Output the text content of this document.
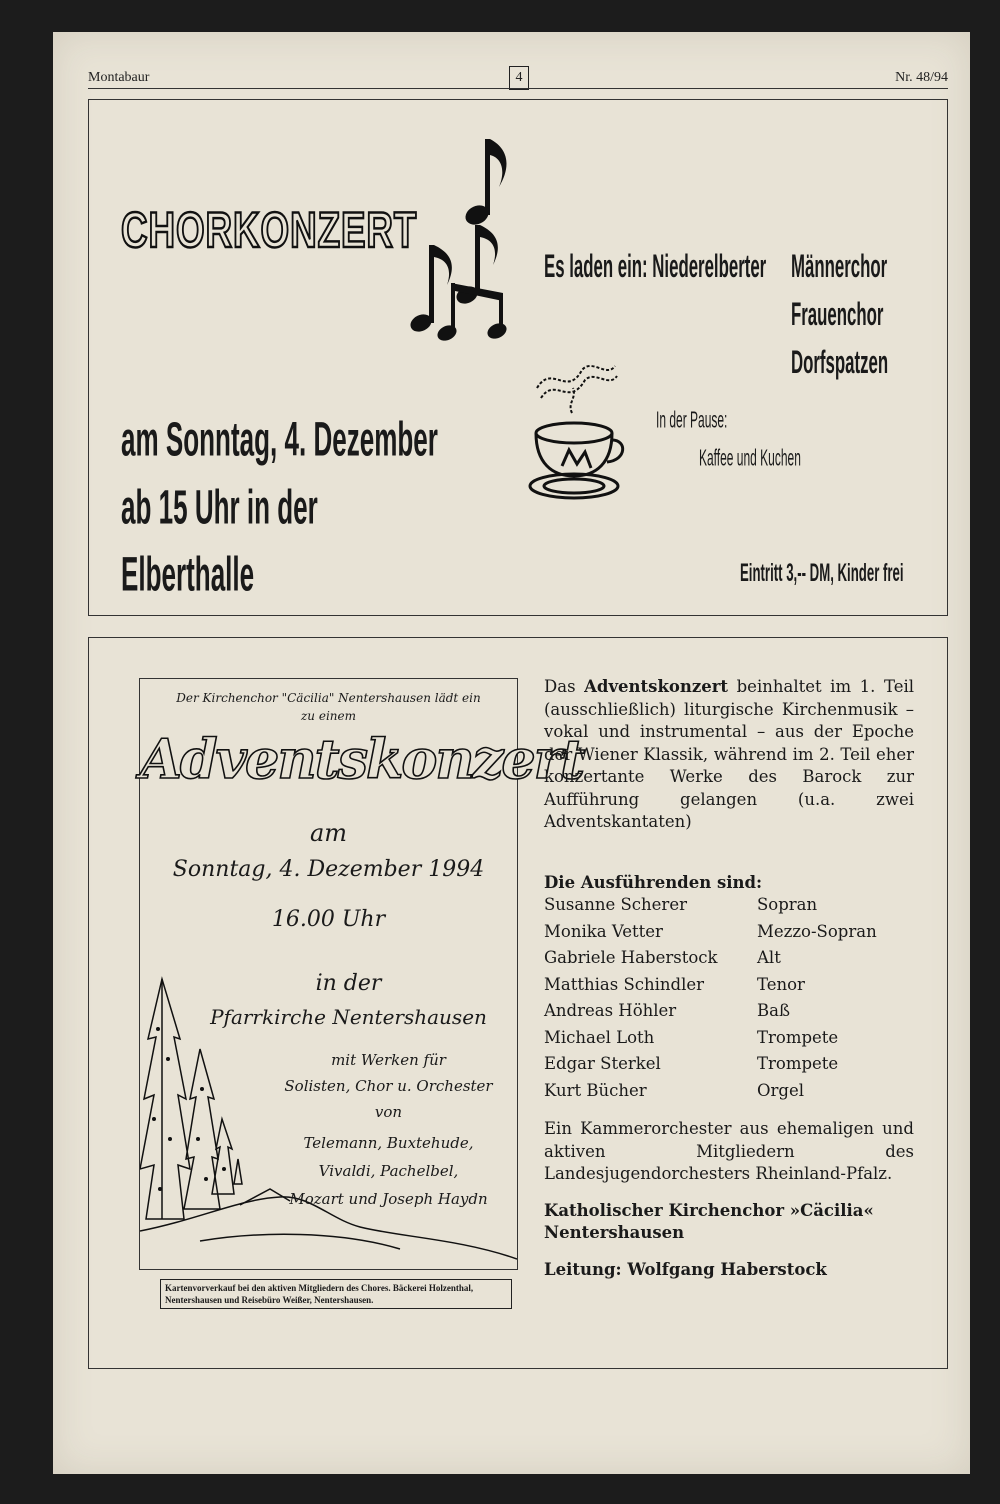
Montabaur	4	Nr. 48/94
CHORKONZERT
Es laden ein: Niederelberter Männerchor
Frauenchor
Dorfspatzen
In der Pause:
Kaffee und Kuchen
am Sonntag, 4. Dezember
ab 15 Uhr in der
Elberthalle	Eintritt 3,-- DM, Kinder frei
Der Kirchenchor "Cäcilia" Nentershausen lädt ein
zu einem
Adventskonzert
am
Sonntag, 4. Dezember 1994
16.00 Uhr
in der
Pfarrkirche Nentershausen
mit Werken für
Solisten, Chor u. Orchester
von
Telemann, Buxtehude,
Vivaldi, Pachelbel,
Mozart und Joseph Haydn
Kartenvorverkauf bei den aktiven Mitgliedern des Chores. Bäckerei Holzenthal, Nentershausen und Reisebüro Weißer, Nentershausen.
Das Adventskonzert beinhaltet im 1. Teil (ausschließlich) liturgische Kirchenmusik – vokal und instrumental – aus der Epoche der Wiener Klassik, während im 2. Teil eher konzertante Werke des Barock zur Aufführung gelangen (u.a. zwei Adventskantaten)
Die Ausführenden sind:
Susanne Scherer	Sopran
Monika Vetter	Mezzo-Sopran
Gabriele Haberstock	Alt
Matthias Schindler	Tenor
Andreas Höhler	Baß
Michael Loth	Trompete
Edgar Sterkel	Trompete
Kurt Bücher	Orgel
Ein Kammerorchester aus ehemaligen und aktiven Mitgliedern des Landesjugendorchesters Rheinland-Pfalz.
Katholischer Kirchenchor »Cäcilia«
Nentershausen
Leitung: Wolfgang Haberstock
